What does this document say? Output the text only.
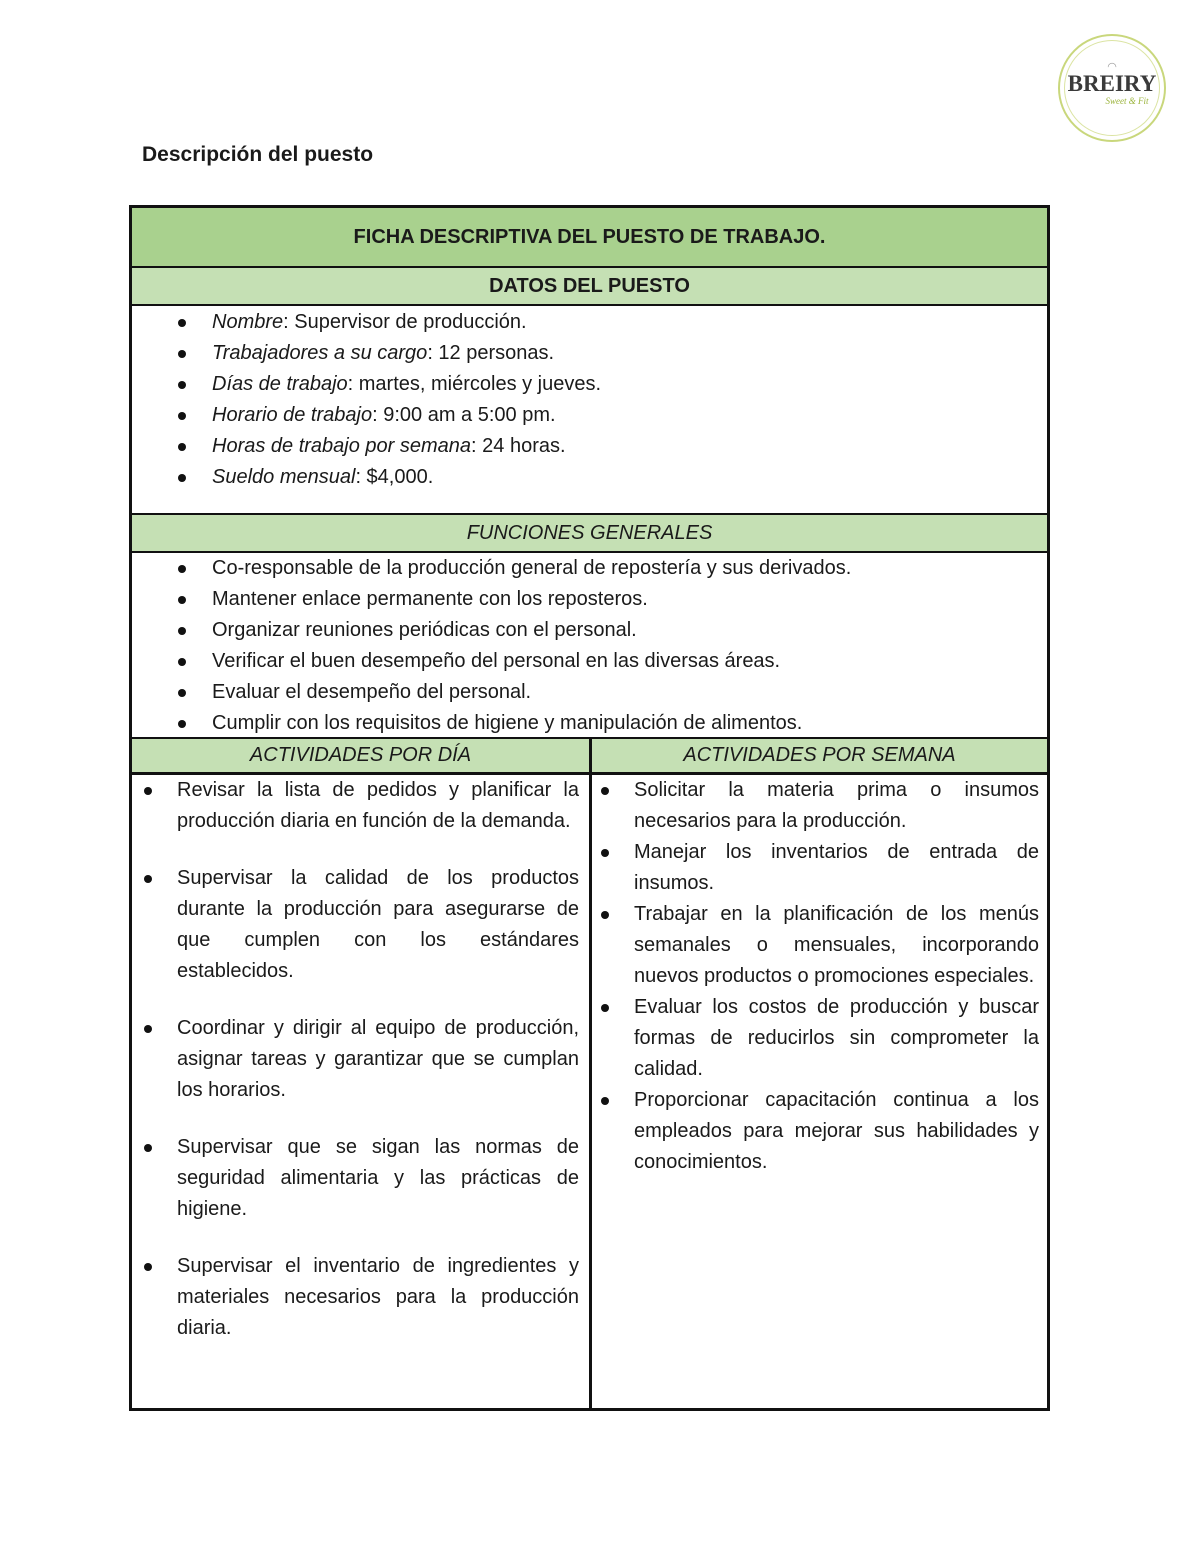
◠
BREIRY
Sweet & Fit
Descripción del puesto
FICHA DESCRIPTIVA DEL PUESTO DE TRABAJO.
DATOS DEL PUESTO
Nombre: Supervisor de producción.
Trabajadores a su cargo: 12 personas.
Días de trabajo: martes, miércoles y jueves.
Horario de trabajo: 9:00 am a 5:00 pm.
Horas de trabajo por semana: 24 horas.
Sueldo mensual: $4,000.
FUNCIONES GENERALES
Co-responsable de la producción general de repostería y sus derivados.
Mantener enlace permanente con los reposteros.
Organizar reuniones periódicas con el personal.
Verificar el buen desempeño del personal en las diversas áreas.
Evaluar el desempeño del personal.
Cumplir con los requisitos de higiene y manipulación de alimentos.
ACTIVIDADES POR DÍA	ACTIVIDADES POR SEMANA
Revisar la lista de pedidos y planificar la producción diaria en función de la demanda.
Supervisar la calidad de los productos durante la producción para asegurarse de que cumplen con los estándares establecidos.
Coordinar y dirigir al equipo de producción, asignar tareas y garantizar que se cumplan los horarios.
Supervisar que se sigan las normas de seguridad alimentaria y las prácticas de higiene.
Supervisar el inventario de ingredientes y materiales necesarios para la producción diaria.
Solicitar la materia prima o insumos necesarios para la producción.
Manejar los inventarios de entrada de insumos.
Trabajar en la planificación de los menús semanales o mensuales, incorporando nuevos productos o promociones especiales.
Evaluar los costos de producción y buscar formas de reducirlos sin comprometer la calidad.
Proporcionar capacitación continua a los empleados para mejorar sus habilidades y conocimientos.
